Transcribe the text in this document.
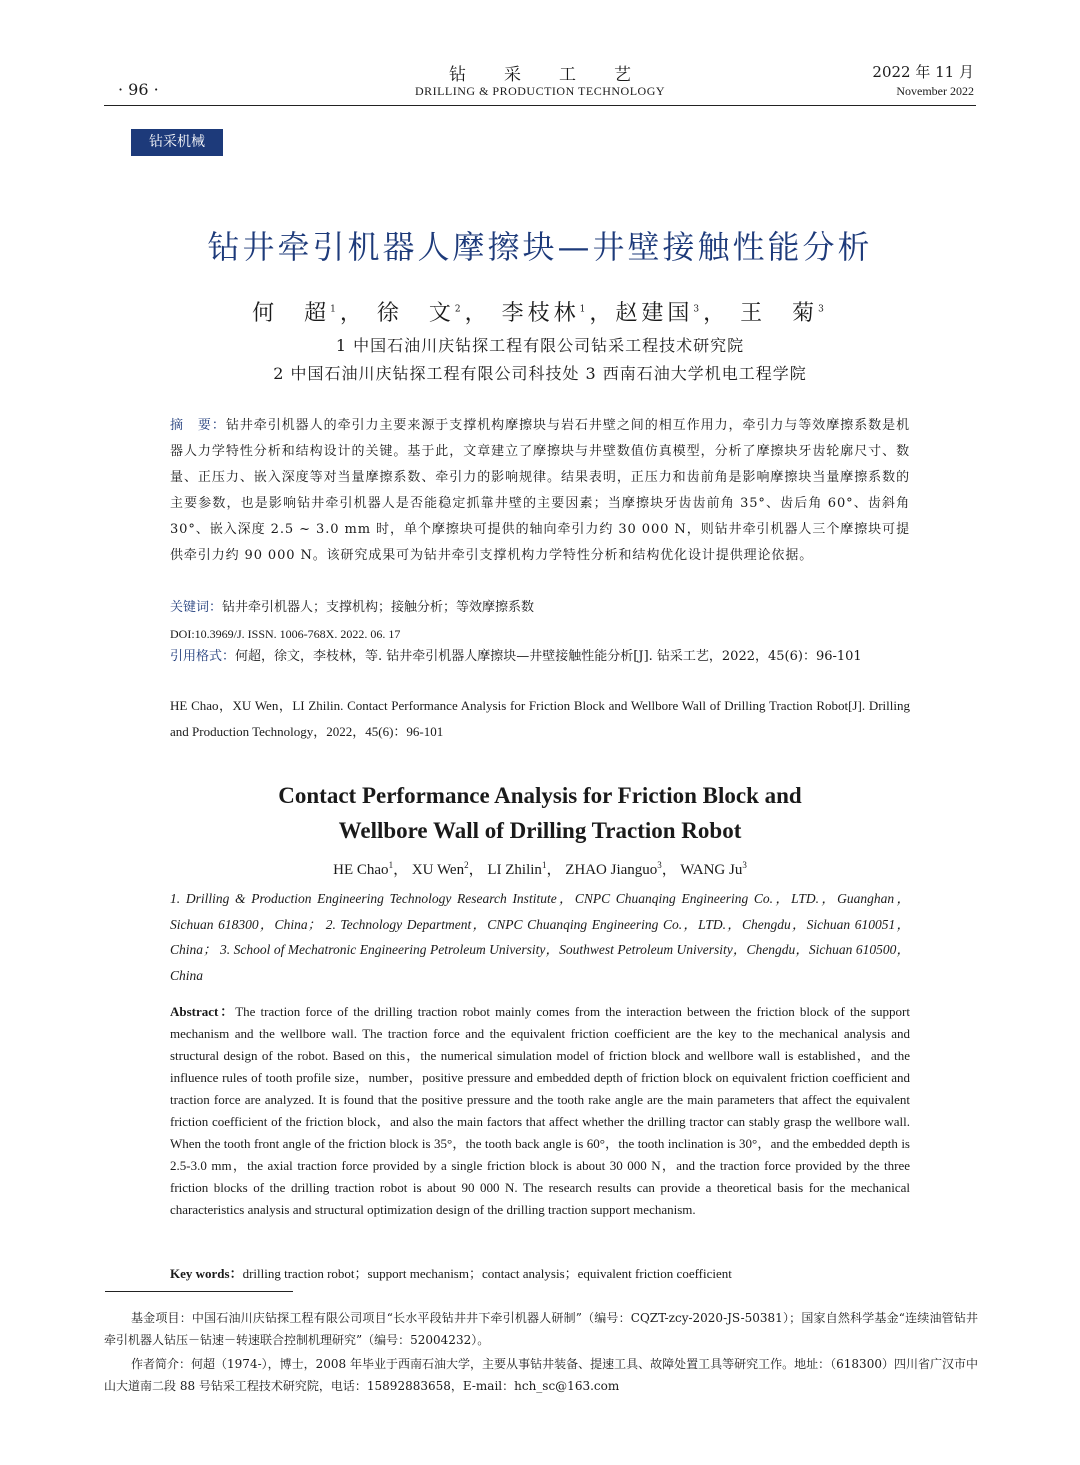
· 96 ·
钻采工艺
DRILLING & PRODUCTION TECHNOLOGY
2022 年 11 月
November 2022
钻采机械
钻井牵引机器人摩擦块—井壁接触性能分析
何　超$^1$， 徐　文$^2$， 李枝林$^1$，赵建国$^3$， 王　菊$^3$
1 中国石油川庆钻探工程有限公司钻采工程技术研究院
2 中国石油川庆钻探工程有限公司科技处 3 西南石油大学机电工程学院
摘　要：钻井牵引机器人的牵引力主要来源于支撑机构摩擦块与岩石井壁之间的相互作用力，牵引力与等效摩擦系数是机器人力学特性分析和结构设计的关键。基于此，文章建立了摩擦块与井壁数值仿真模型，分析了摩擦块牙齿轮廓尺寸、数量、正压力、嵌入深度等对当量摩擦系数、牵引力的影响规律。结果表明，正压力和齿前角是影响摩擦块当量摩擦系数的主要参数，也是影响钻井牵引机器人是否能稳定抓靠井壁的主要因素；当摩擦块牙齿齿前角 35°、齿后角 60°、齿斜角 30°、嵌入深度 2.5 ~ 3.0 mm 时，单个摩擦块可提供的轴向牵引力约 30 000 N，则钻井牵引机器人三个摩擦块可提供牵引力约 90 000 N。该研究成果可为钻井牵引支撑机构力学特性分析和结构优化设计提供理论依据。
关键词：钻井牵引机器人；支撑机构；接触分析；等效摩擦系数
DOI:10.3969/J. ISSN. 1006-768X. 2022. 06. 17
引用格式：何超，徐文，李枝林，等. 钻井牵引机器人摩擦块—井壁接触性能分析[J]. 钻采工艺，2022，45(6)：96-101
HE Chao，XU Wen，LI Zhilin. Contact Performance Analysis for Friction Block and Wellbore Wall of Drilling Traction Robot[J]. Drilling and Production Technology，2022，45(6)：96-101
Contact Performance Analysis for Friction Block and
Wellbore Wall of Drilling Traction Robot
HE Chao$^1$， XU Wen$^2$， LI Zhilin$^1$， ZHAO Jianguo$^3$， WANG Ju$^3$
1. Drilling & Production Engineering Technology Research Institute，CNPC Chuanqing Engineering Co.，LTD.，Guanghan，Sichuan 618300，China； 2. Technology Department，CNPC Chuanqing Engineering Co.，LTD.，Chengdu，Sichuan 610051，China； 3. School of Mechatronic Engineering Petroleum University，Southwest Petroleum University，Chengdu，Sichuan 610500，China
Abstract：The traction force of the drilling traction robot mainly comes from the interaction between the friction block of the support mechanism and the wellbore wall. The traction force and the equivalent friction coefficient are the key to the mechanical analysis and structural design of the robot. Based on this，the numerical simulation model of friction block and wellbore wall is established，and the influence rules of tooth profile size，number，positive pressure and embedded depth of friction block on equivalent friction coefficient and traction force are analyzed. It is found that the positive pressure and the tooth rake angle are the main parameters that affect the equivalent friction coefficient of the friction block，and also the main factors that affect whether the drilling tractor can stably grasp the wellbore wall. When the tooth front angle of the friction block is 35°，the tooth back angle is 60°，the tooth inclination is 30°，and the embedded depth is 2.5-3.0 mm，the axial traction force provided by a single friction block is about 30 000 N，and the traction force provided by the three friction blocks of the drilling traction robot is about 90 000 N. The research results can provide a theoretical basis for the mechanical characteristics analysis and structural optimization design of the drilling traction support mechanism.
Key words：drilling traction robot；support mechanism；contact analysis；equivalent friction coefficient
基金项目：中国石油川庆钻探工程有限公司项目“长水平段钻井井下牵引机器人研制”（编号：CQZT-zcy-2020-JS-50381）；国家自然科学基金“连续油管钻井牵引机器人钻压－钻速－转速联合控制机理研究”（编号：52004232）。
作者简介：何超（1974-），博士，2008 年毕业于西南石油大学，主要从事钻井装备、提速工具、故障处置工具等研究工作。地址：（618300）四川省广汉市中山大道南二段 88 号钻采工程技术研究院，电话：15892883658，E-mail：hch_sc@163.com
